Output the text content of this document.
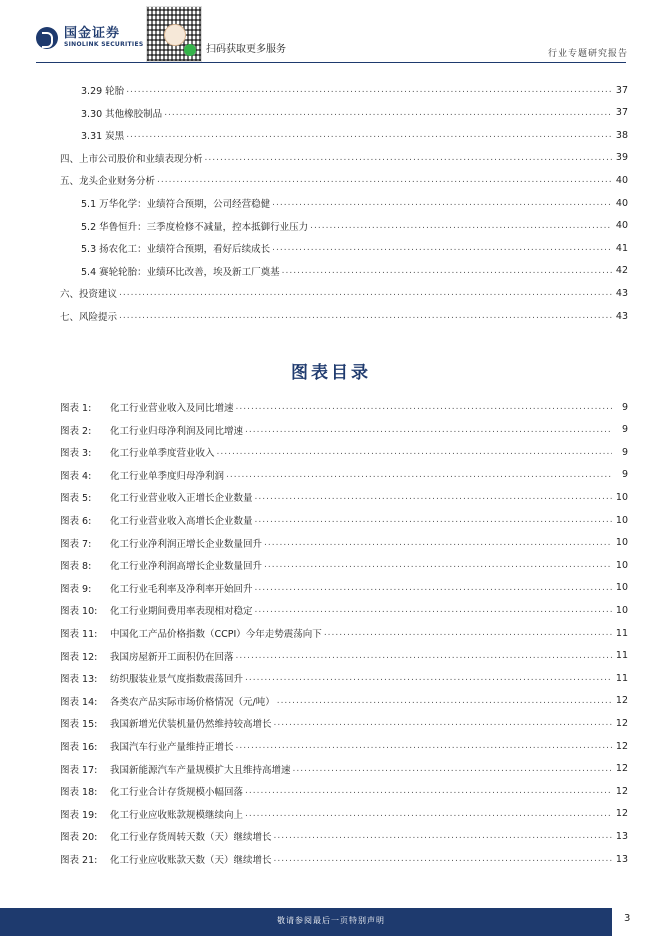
国金证券
SINOLINK SECURITIES	扫码获取更多服务	行业专题研究报告
3.29 轮胎 .....	37
3.30 其他橡胶制品 .....	37
3.31 炭黑 .....	38
四、上市公司股价和业绩表现分析 .....	39
五、龙头企业财务分析 .....	40
5.1 万华化学：业绩符合预期，公司经营稳健 .....	40
5.2 华鲁恒升：三季度检修不减量，控本抵御行业压力 .....	40
5.3 扬农化工：业绩符合预期，看好后续成长 .....	41
5.4 赛轮轮胎：业绩环比改善，埃及新工厂奠基 .....	42
六、投资建议 .....	43
七、风险提示 .....	43
图表目录
图表 1:	化工行业营业收入及同比增速 .....	9
图表 2:	化工行业归母净利润及同比增速 .....	9
图表 3:	化工行业单季度营业收入 .....	9
图表 4:	化工行业单季度归母净利润 .....	9
图表 5:	化工行业营业收入正增长企业数量 .....	10
图表 6:	化工行业营业收入高增长企业数量 .....	10
图表 7:	化工行业净利润正增长企业数量回升 .....	10
图表 8:	化工行业净利润高增长企业数量回升 .....	10
图表 9:	化工行业毛利率及净利率开始回升 .....	10
图表 10:	化工行业期间费用率表现相对稳定 .....	10
图表 11:	中国化工产品价格指数（CCPI）今年走势震荡向下 .....	11
图表 12:	我国房屋新开工面积仍在回落 .....	11
图表 13:	纺织服装业景气度指数震荡回升 .....	11
图表 14:	各类农产品实际市场价格情况（元/吨） .....	12
图表 15:	我国新增光伏装机量仍然维持较高增长 .....	12
图表 16:	我国汽车行业产量维持正增长 .....	12
图表 17:	我国新能源汽车产量规模扩大且维持高增速 .....	12
图表 18:	化工行业合计存货规模小幅回落 .....	12
图表 19:	化工行业应收账款规模继续向上 .....	12
图表 20:	化工行业存货周转天数（天）继续增长 .....	13
图表 21:	化工行业应收账款天数（天）继续增长 .....	13
敬请参阅最后一页特别声明	3
